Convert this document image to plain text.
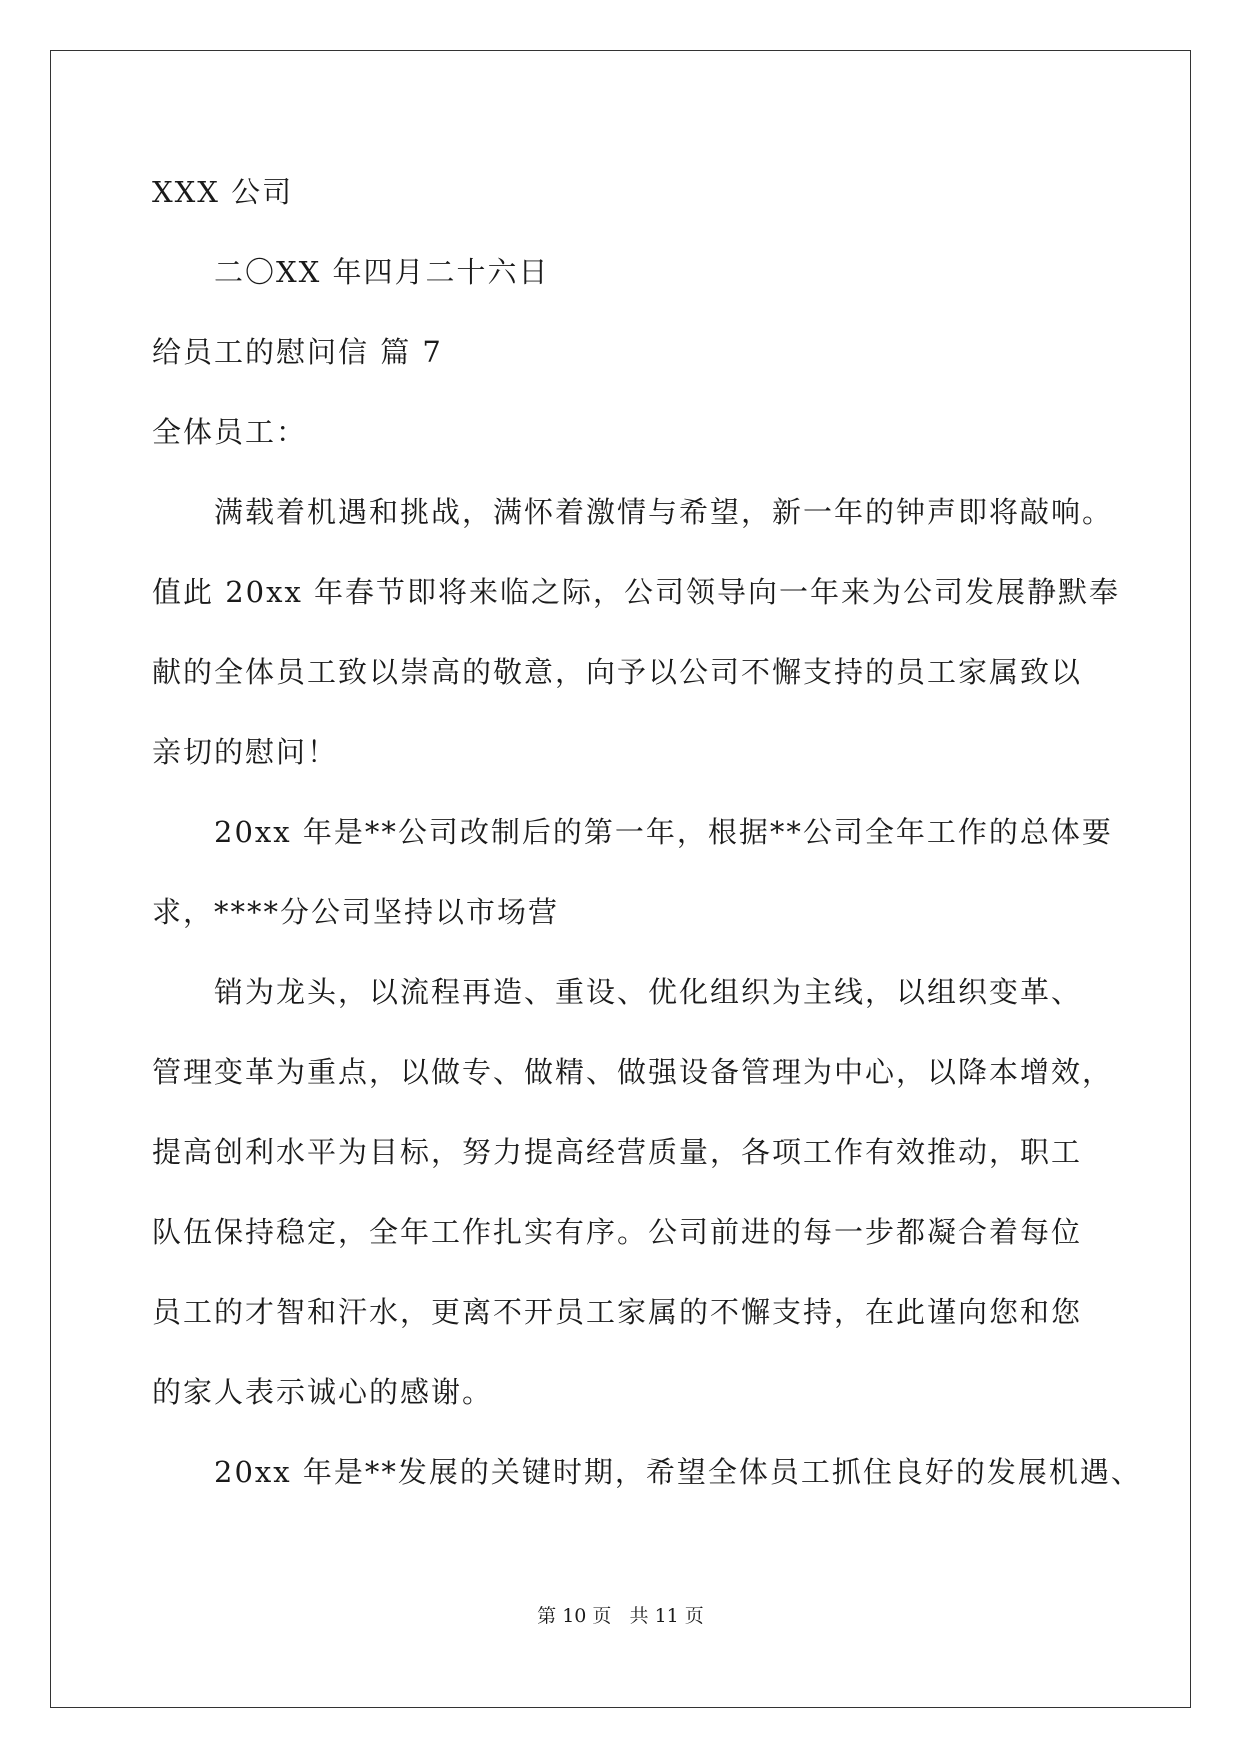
XXX 公司
二〇XX 年四月二十六日
给员工的慰问信 篇 7
全体员工：
满载着机遇和挑战，满怀着激情与希望，新一年的钟声即将敲响。
值此 20xx 年春节即将来临之际，公司领导向一年来为公司发展静默奉
献的全体员工致以崇高的敬意，向予以公司不懈支持的员工家属致以
亲切的慰问！
20xx 年是**公司改制后的第一年，根据**公司全年工作的总体要
求，****分公司坚持以市场营
销为龙头，以流程再造、重设、优化组织为主线，以组织变革、
管理变革为重点，以做专、做精、做强设备管理为中心，以降本增效，
提高创利水平为目标，努力提高经营质量，各项工作有效推动，职工
队伍保持稳定，全年工作扎实有序。公司前进的每一步都凝合着每位
员工的才智和汗水，更离不开员工家属的不懈支持，在此谨向您和您
的家人表示诚心的感谢。
20xx 年是**发展的关键时期，希望全体员工抓住良好的发展机遇、
第 10 页   共 11 页
